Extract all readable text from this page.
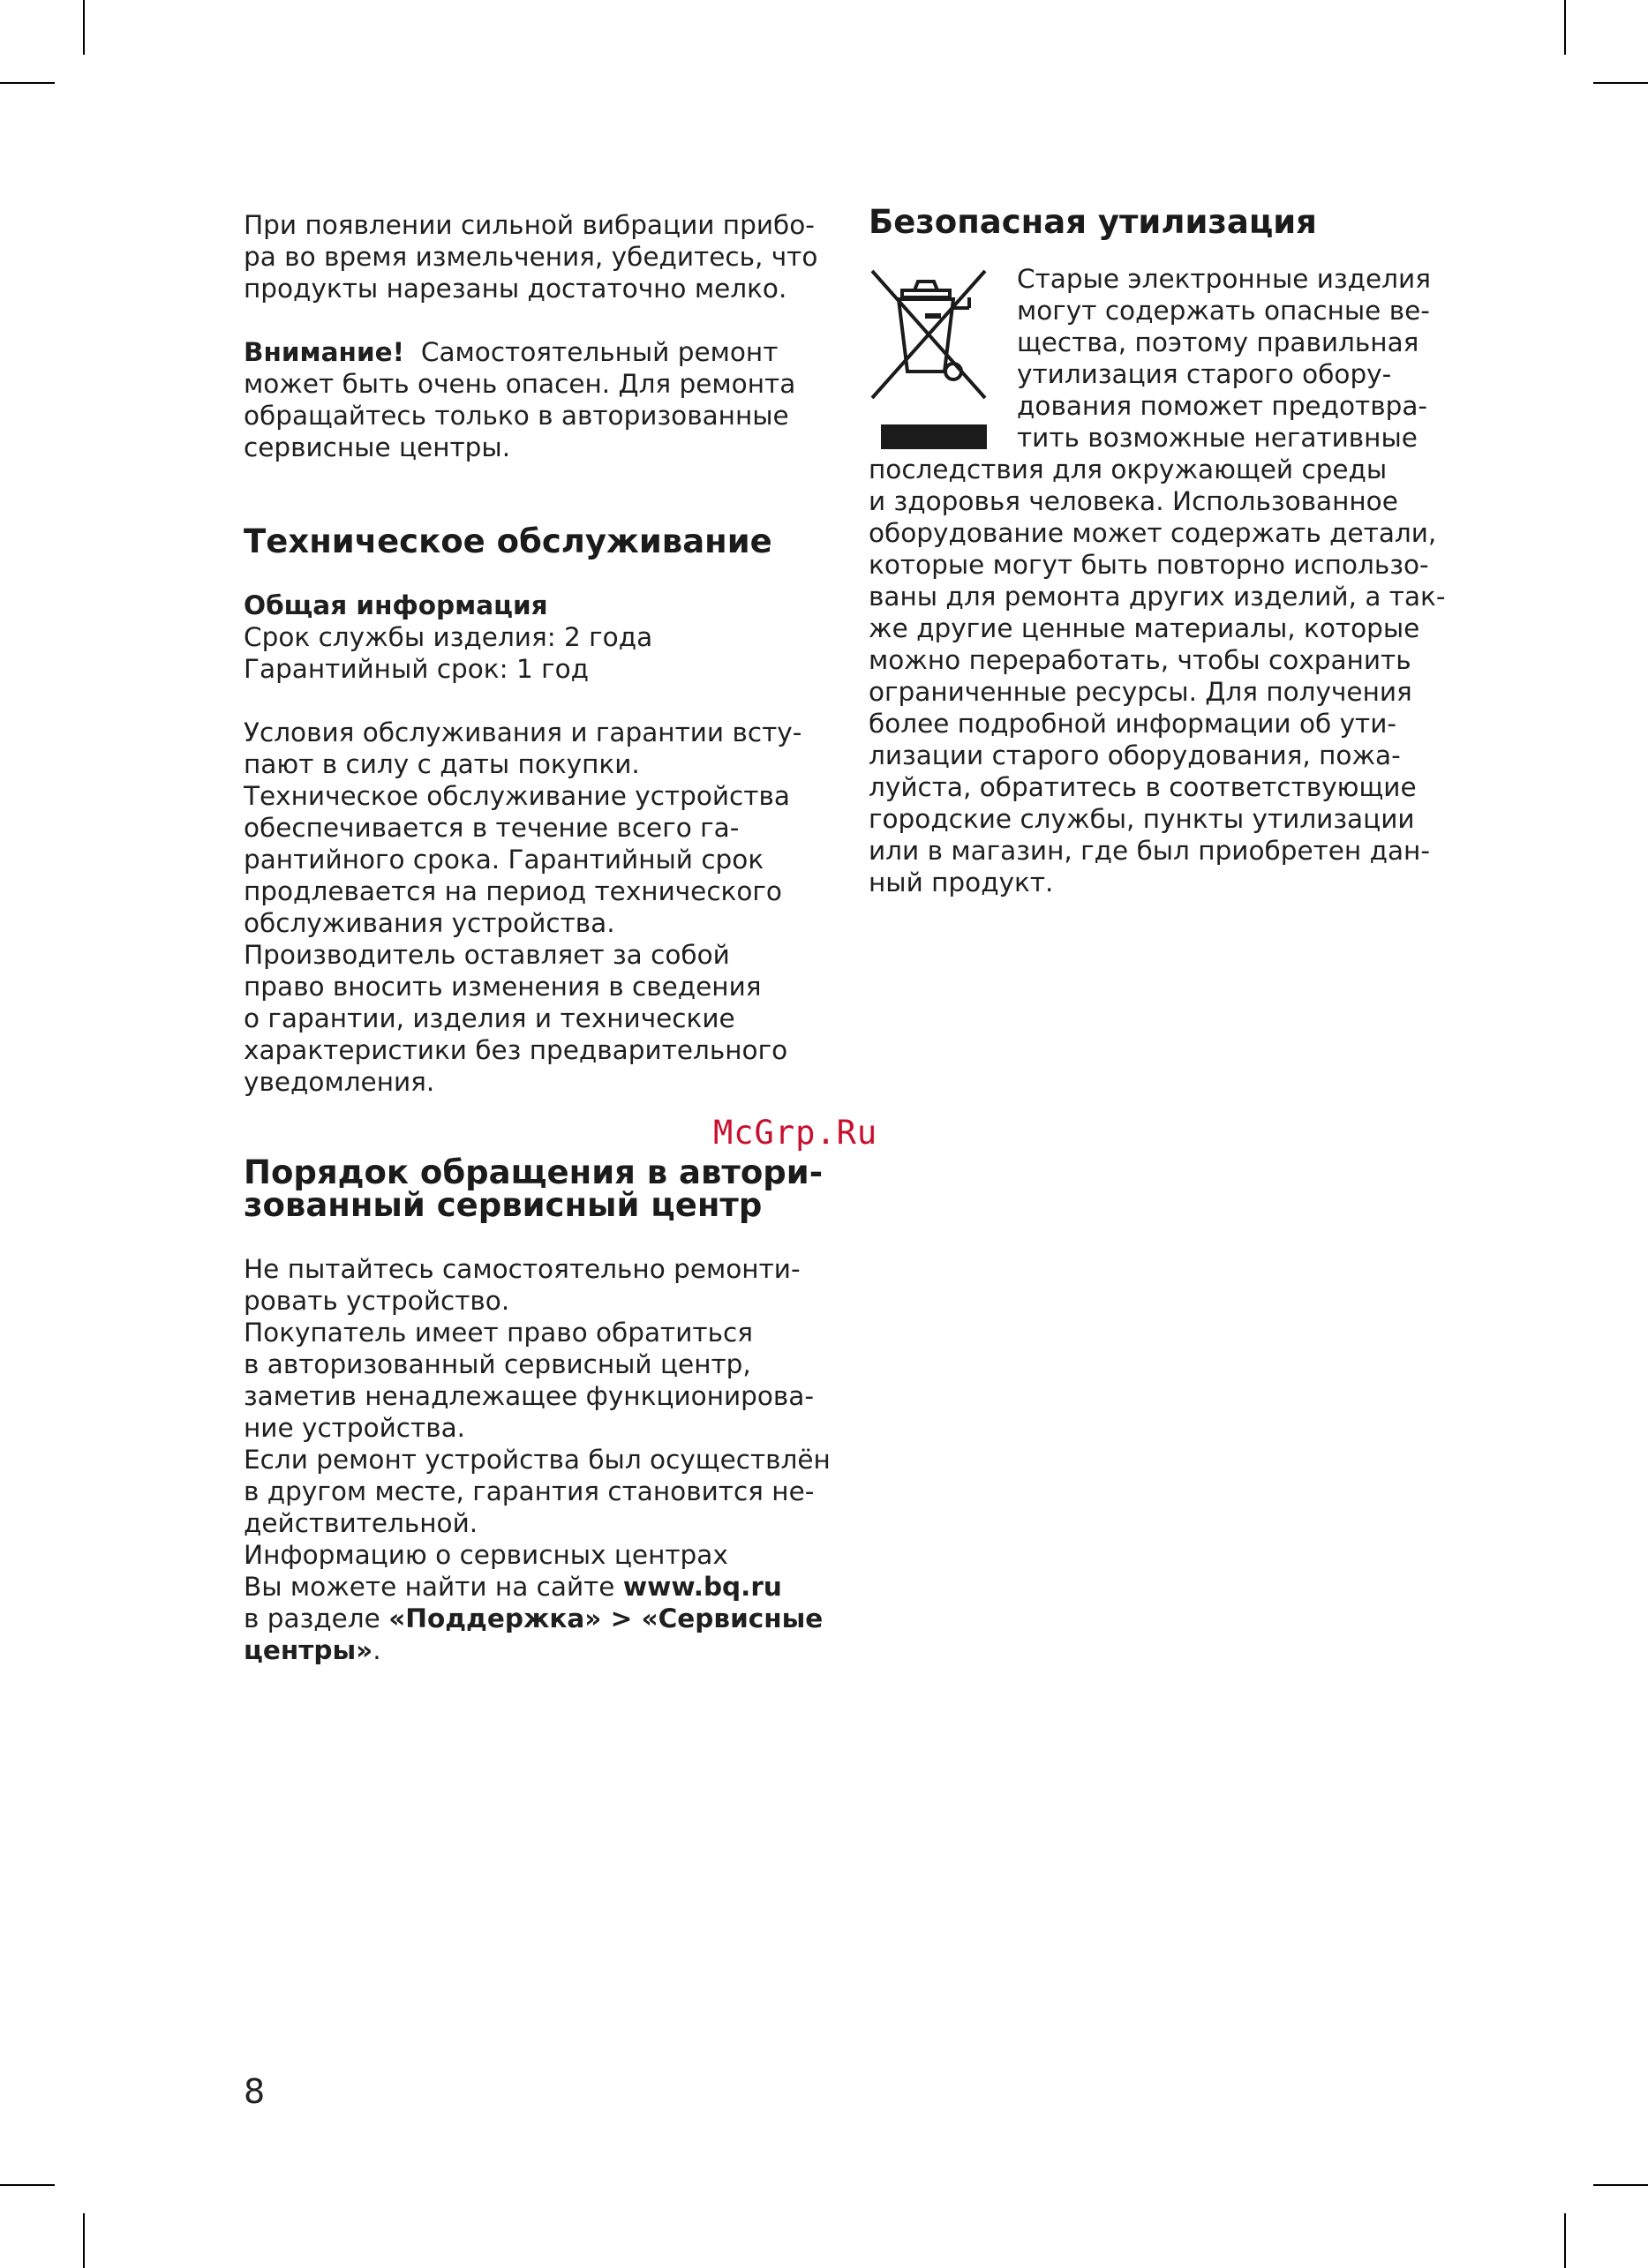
При появлении сильной вибрации прибо-
ра во время измельчения, убедитесь, что
продукты нарезаны достаточно мелко.

Внимание! Самостоятельный ремонт
может быть очень опасен. Для ремонта
обращайтесь только в авторизованные
сервисные центры.

Техническое обслуживание

Общая информация
Срок службы изделия: 2 года
Гарантийный срок: 1 год

Условия обслуживания и гарантии всту-
пают в силу с даты покупки.
Техническое обслуживание устройства
обеспечивается в течение всего га-
рантийного срока. Гарантийный срок
продлевается на период технического
обслуживания устройства.
Производитель оставляет за собой
право вносить изменения в сведения
о гарантии, изделия и технические
характеристики без предварительного
уведомления.

Порядок обращения в автори-
зованный сервисный центр

Не пытайтесь самостоятельно ремонти-
ровать устройство.
Покупатель имеет право обратиться
в авторизованный сервисный центр,
заметив ненадлежащее функционирова-
ние устройства.
Если ремонт устройства был осуществлён
в другом месте, гарантия становится не-
действительной.
Информацию о сервисных центрах
Вы можете найти на сайте www.bq.ru
в разделе «Поддержка» > «Сервисные
центры».

Безопасная утилизация
Старые электронные изделия
могут содержать опасные ве-
щества, поэтому правильная
утилизация старого обору-
дования поможет предотвра-
тить возможные негативные
последствия для окружающей среды
и здоровья человека. Использованное
оборудование может содержать детали,
которые могут быть повторно использо-
ваны для ремонта других изделий, а так-
же другие ценные материалы, которые
можно переработать, чтобы сохранить
ограниченные ресурсы. Для получения
более подробной информации об ути-
лизации старого оборудования, пожа-
луйста, обратитесь в соответствующие
городские службы, пункты утилизации
или в магазин, где был приобретен дан-
ный продукт.
McGrp.Ru
8
